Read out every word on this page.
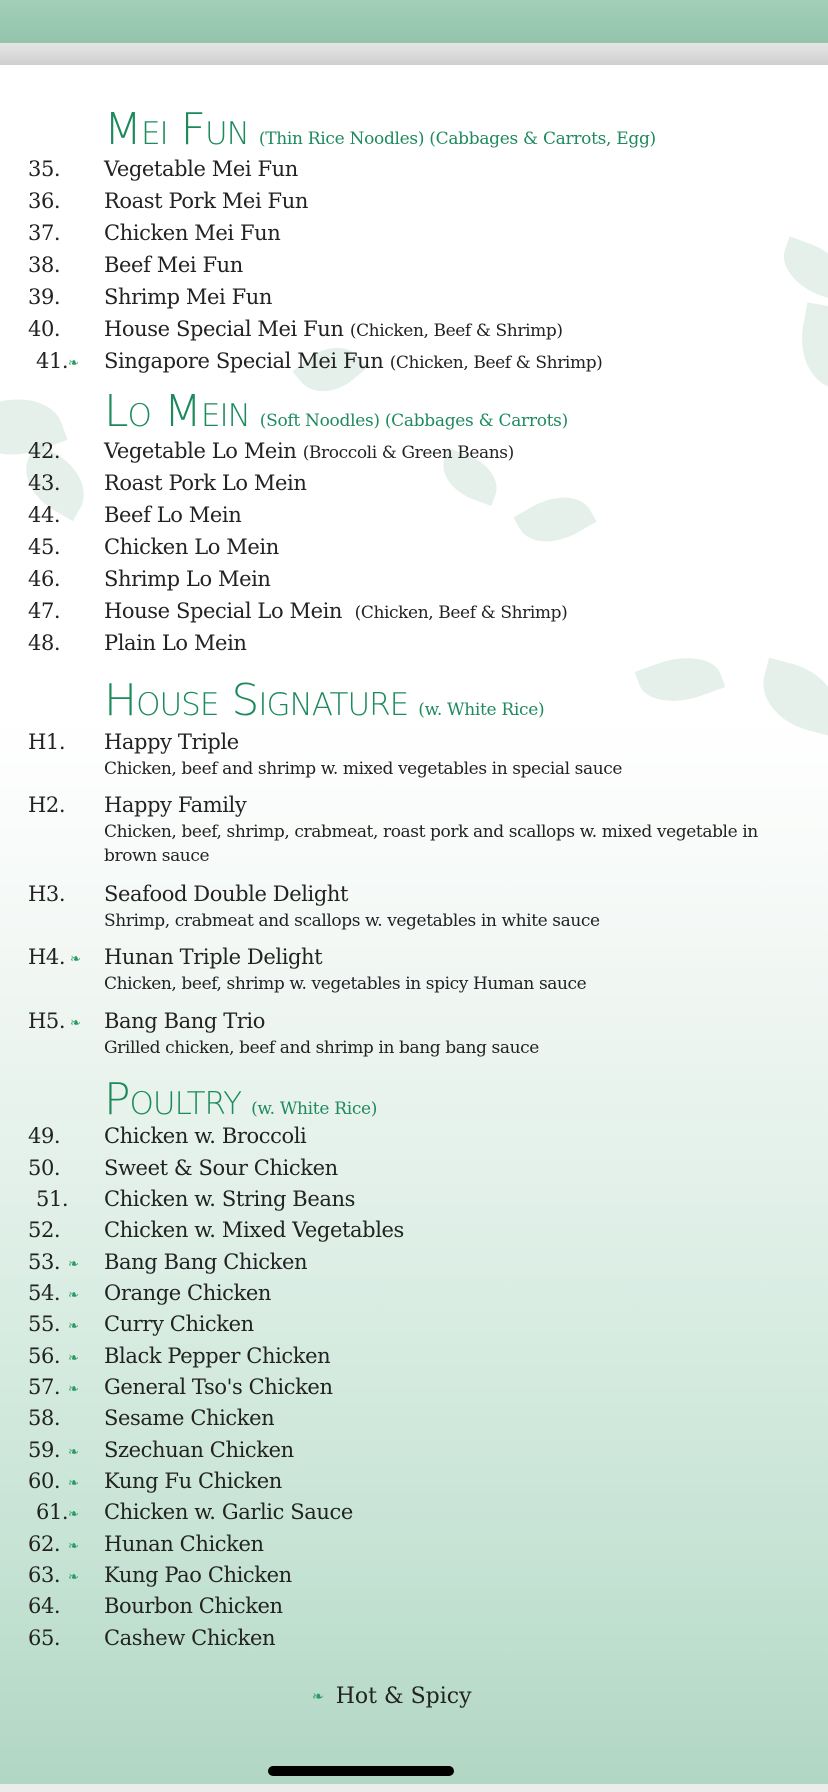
Mei Fun (Thin Rice Noodles) (Cabbages & Carrots, Egg)
35.	Vegetable Mei Fun
36.	Roast Pork Mei Fun
37.	Chicken Mei Fun
38.	Beef Mei Fun
39.	Shrimp Mei Fun
40.	House Special Mei Fun (Chicken, Beef & Shrimp)
41. ❧ Singapore Special Mei Fun (Chicken, Beef & Shrimp)
Lo Mein (Soft Noodles) (Cabbages & Carrots)
42.	Vegetable Lo Mein (Broccoli & Green Beans)
43.	Roast Pork Lo Mein
44.	Beef Lo Mein
45.	Chicken Lo Mein
46.	Shrimp Lo Mein
47.	House Special Lo Mein (Chicken, Beef & Shrimp)
48.	Plain Lo Mein
House Signature (w. White Rice)
H1.	Happy Triple
Chicken, beef and shrimp w. mixed vegetables in special sauce
H2.	Happy Family
Chicken, beef, shrimp, crabmeat, roast pork and scallops w. mixed vegetable in brown sauce
H3.	Seafood Double Delight
Shrimp, crabmeat and scallops w. vegetables in white sauce
H4. ❧ Hunan Triple Delight
Chicken, beef, shrimp w. vegetables in spicy Human sauce
H5. ❧ Bang Bang Trio
Grilled chicken, beef and shrimp in bang bang sauce
Poultry (w. White Rice)
49.	Chicken w. Broccoli
50.	Sweet & Sour Chicken
51.	Chicken w. String Beans
52.	Chicken w. Mixed Vegetables
53. ❧ Bang Bang Chicken
54. ❧ Orange Chicken
55. ❧ Curry Chicken
56. ❧ Black Pepper Chicken
57. ❧ General Tso's Chicken
58.	Sesame Chicken
59. ❧ Szechuan Chicken
60. ❧ Kung Fu Chicken
61. ❧ Chicken w. Garlic Sauce
62. ❧ Hunan Chicken
63. ❧ Kung Pao Chicken
64.	Bourbon Chicken
65.	Cashew Chicken
❧ Hot & Spicy
